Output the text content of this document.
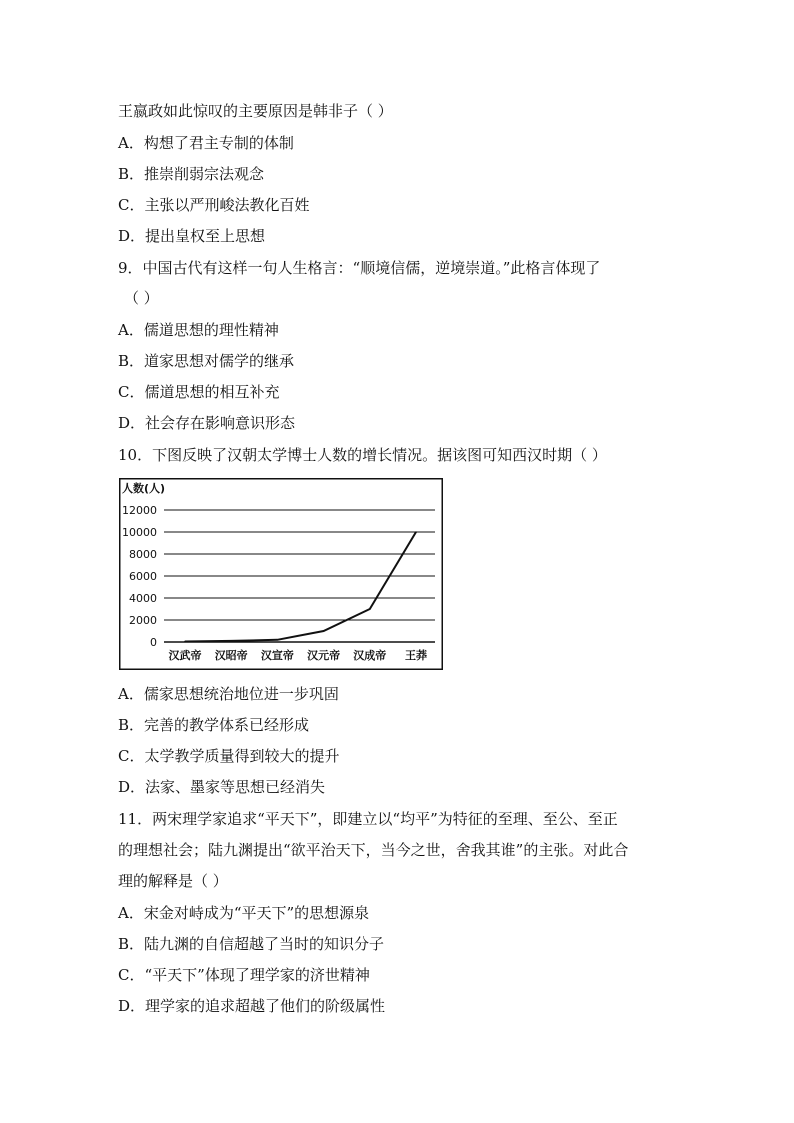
王嬴政如此惊叹的主要原因是韩非子（ ）
A．构想了君主专制的体制
B．推崇削弱宗法观念
C．主张以严刑峻法教化百姓
D．提出皇权至上思想
9．中国古代有这样一句人生格言：“顺境信儒，逆境崇道。”此格言体现了
（ ）
A．儒道思想的理性精神
B．道家思想对儒学的继承
C．儒道思想的相互补充
D．社会存在影响意识形态
10．下图反映了汉朝太学博士人数的增长情况。据该图可知西汉时期（ ）
人数(人)
0
2000
4000
6000
8000
10000
12000
汉武帝 汉昭帝 汉宣帝 汉元帝 汉成帝 王莽
A．儒家思想统治地位进一步巩固
B．完善的教学体系已经形成
C．太学教学质量得到较大的提升
D．法家、墨家等思想已经消失
11．两宋理学家追求“平天下”，即建立以“均平”为特征的至理、至公、至正
的理想社会；陆九渊提出“欲平治天下，当今之世，舍我其谁”的主张。对此合
理的解释是（ ）
A．宋金对峙成为“平天下”的思想源泉
B．陆九渊的自信超越了当时的知识分子
C．“平天下”体现了理学家的济世精神
D．理学家的追求超越了他们的阶级属性
